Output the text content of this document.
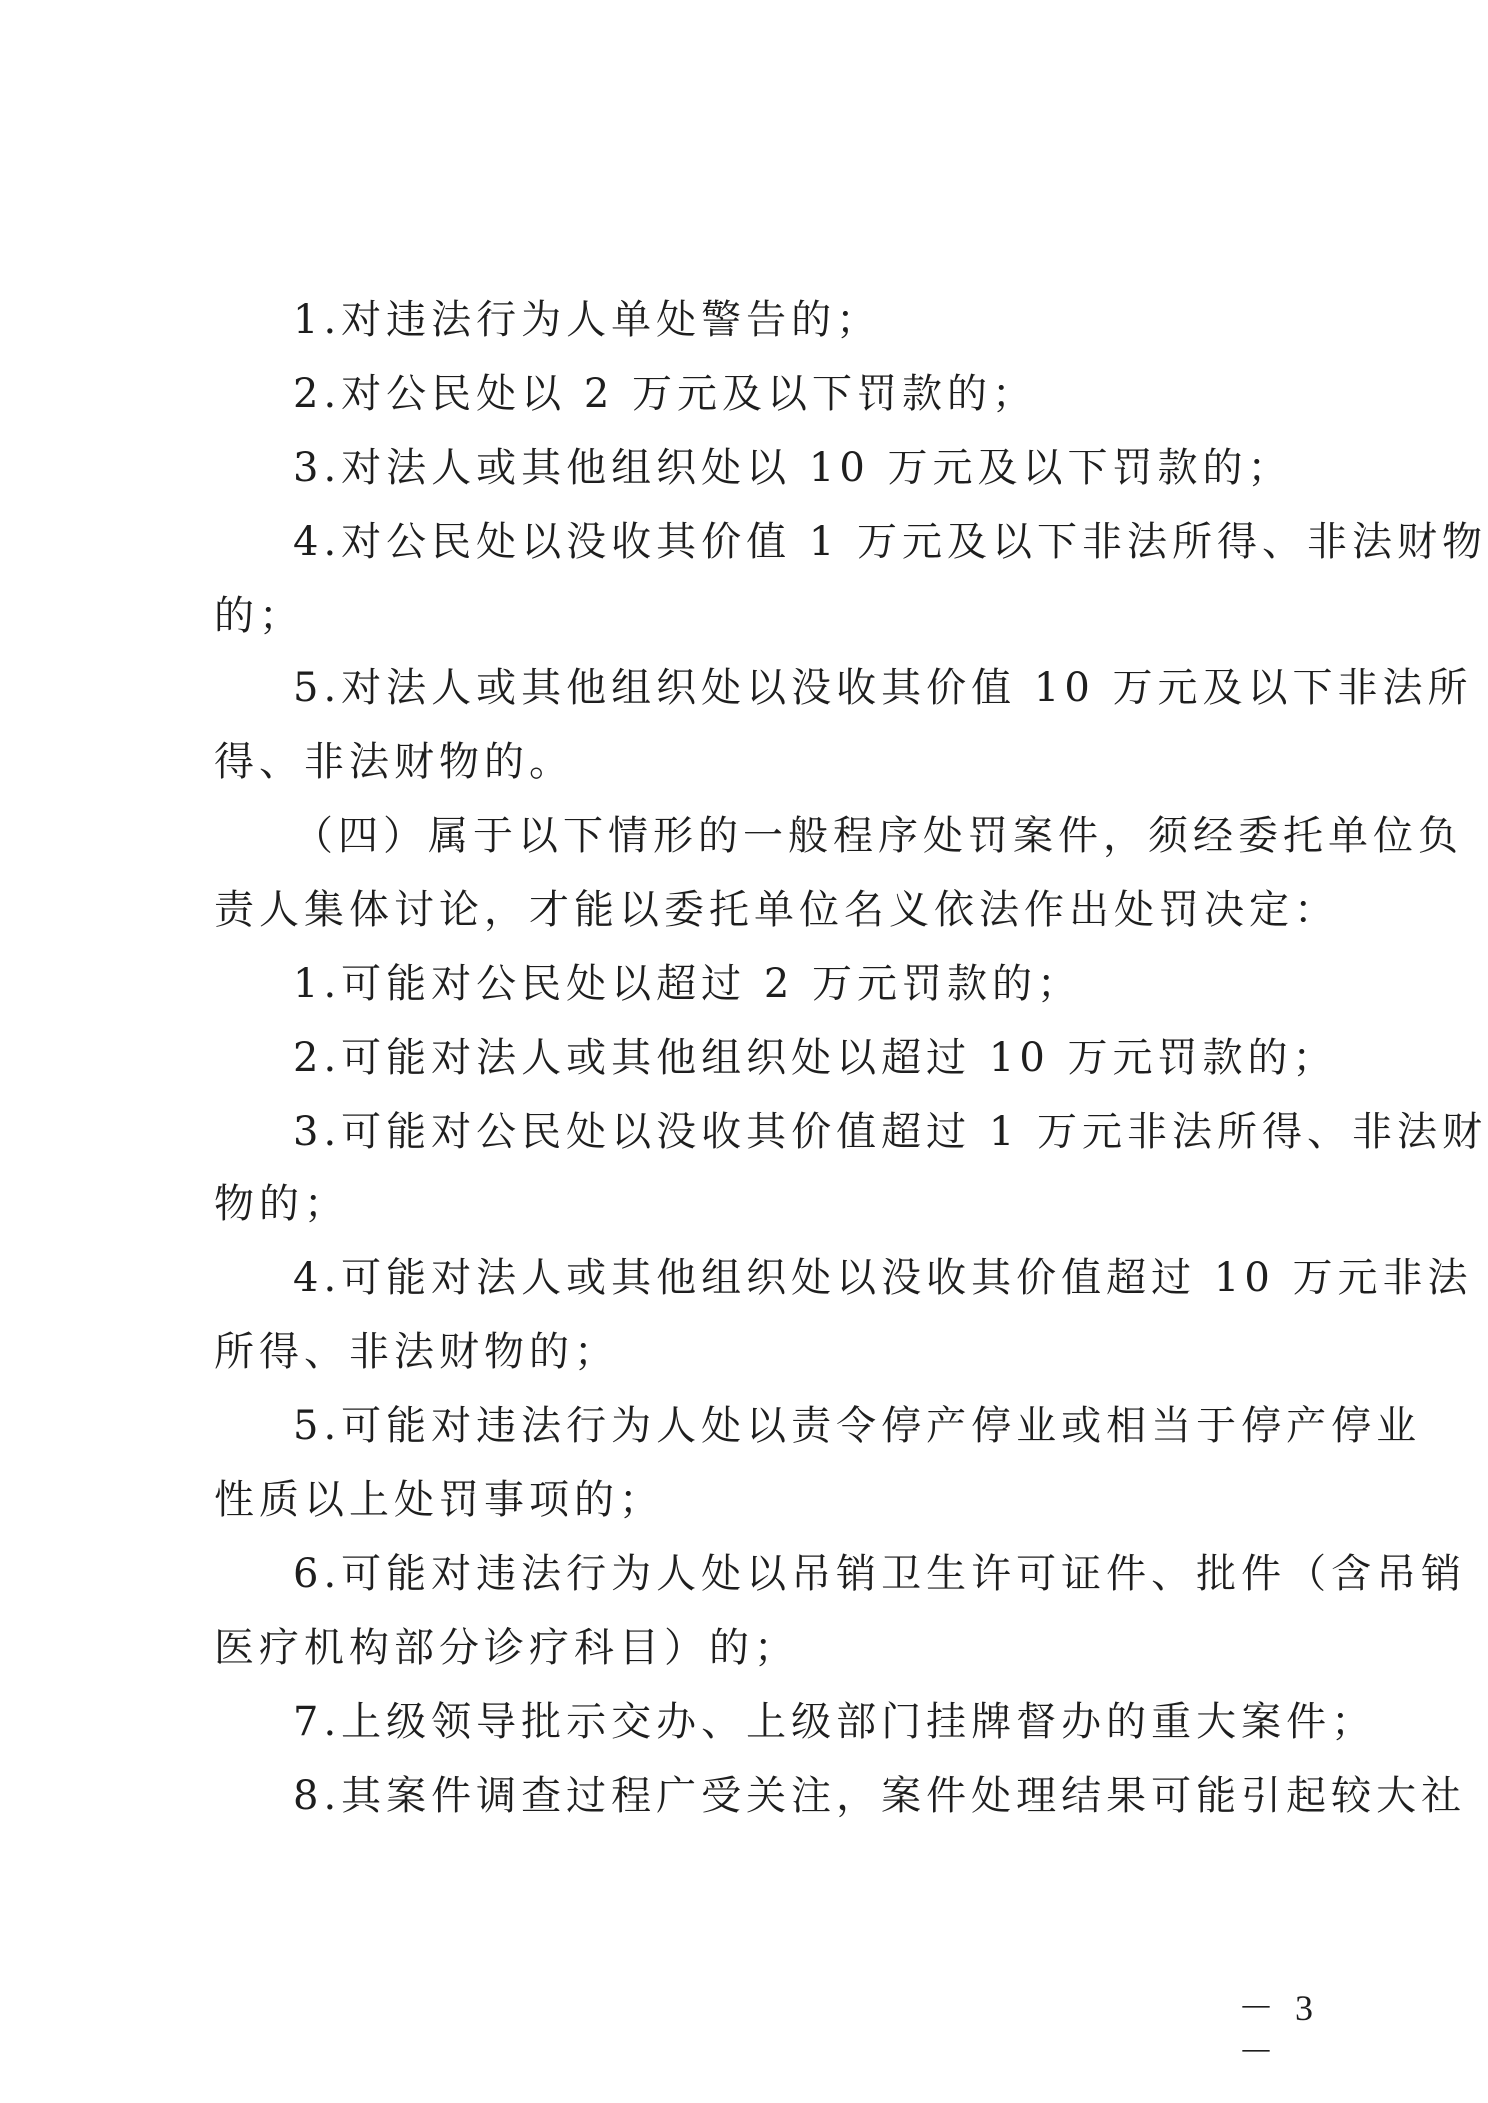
1.对违法行为人单处警告的；
2.对公民处以 2 万元及以下罚款的；
3.对法人或其他组织处以 10 万元及以下罚款的；
4.对公民处以没收其价值 1 万元及以下非法所得、非法财物
的；
5.对法人或其他组织处以没收其价值 10 万元及以下非法所
得、非法财物的。
（四）属于以下情形的一般程序处罚案件，须经委托单位负
责人集体讨论，才能以委托单位名义依法作出处罚决定：
1.可能对公民处以超过 2 万元罚款的；
2.可能对法人或其他组织处以超过 10 万元罚款的；
3.可能对公民处以没收其价值超过 1 万元非法所得、非法财
物的；
4.可能对法人或其他组织处以没收其价值超过 10 万元非法
所得、非法财物的；
5.可能对违法行为人处以责令停产停业或相当于停产停业
性质以上处罚事项的；
6.可能对违法行为人处以吊销卫生许可证件、批件（含吊销
医疗机构部分诊疗科目）的；
7.上级领导批示交办、上级部门挂牌督办的重大案件；
8.其案件调查过程广受关注，案件处理结果可能引起较大社
－ 3 －
